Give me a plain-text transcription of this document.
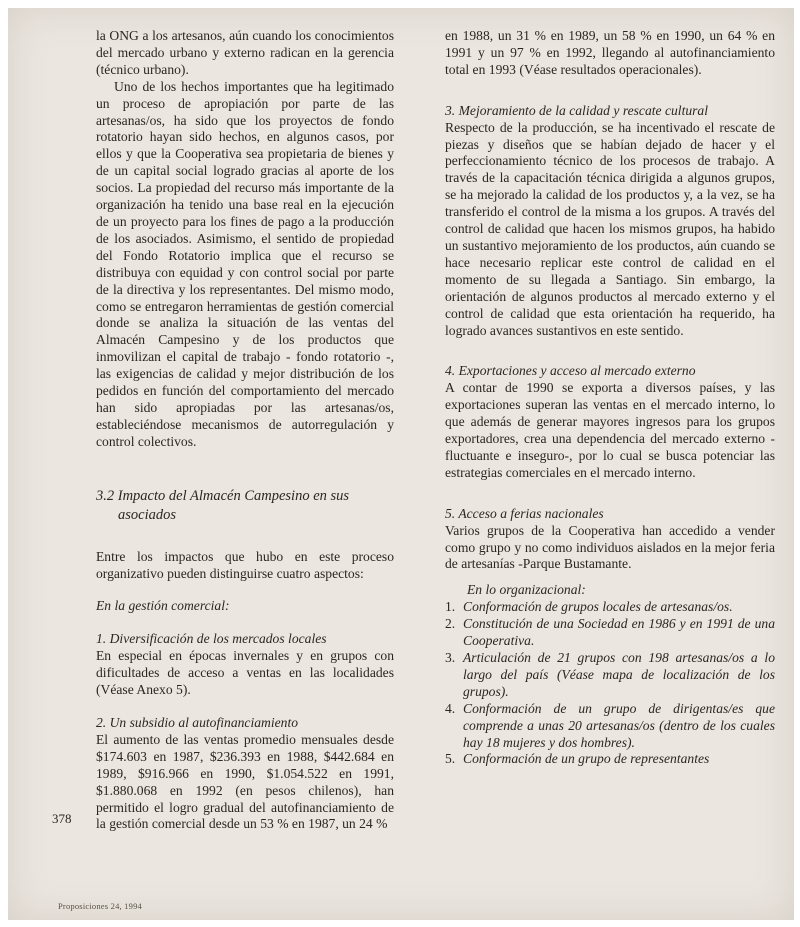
la ONG a los artesanos, aún cuando los conocimientos del mercado urbano y externo radican en la gerencia (técnico urbano).

Uno de los hechos importantes que ha legitimado un proceso de apropiación por parte de las artesanas/os, ha sido que los proyectos de fondo rotatorio hayan sido hechos, en algunos casos, por ellos y que la Cooperativa sea propietaria de bienes y de un capital social logrado gracias al aporte de los socios. La propiedad del recurso más importante de la organización ha tenido una base real en la ejecución de un proyecto para los fines de pago a la producción de los asociados. Asimismo, el sentido de propiedad del Fondo Rotatorio implica que el recurso se distribuya con equidad y con control social por parte de la directiva y los representantes. Del mismo modo, como se entregaron herramientas de gestión comercial donde se analiza la situación de las ventas del Almacén Campesino y de los productos que inmovilizan el capital de trabajo - fondo rotatorio -, las exigencias de calidad y mejor distribución de los pedidos en función del comportamiento del mercado han sido apropiadas por las artesanas/os, estableciéndose mecanismos de autorregulación y control colectivos.

3.2 Impacto del Almacén Campesino en sus
asociados

Entre los impactos que hubo en este proceso organizativo pueden distinguirse cuatro aspectos:

En la gestión comercial:

1. Diversificación de los mercados locales

En especial en épocas invernales y en grupos con dificultades de acceso a ventas en las localidades (Véase Anexo 5).

2. Un subsidio al autofinanciamiento

El aumento de las ventas promedio mensuales desde $174.603 en 1987, $236.393 en 1988, $442.684 en 1989, $916.966 en 1990, $1.054.522 en 1991, $1.880.068 en 1992 (en pesos chilenos), han permitido el logro gradual del autofinanciamiento de la gestión comercial desde un 53 % en 1987, un 24 %

en 1988, un 31 % en 1989, un 58 % en 1990, un 64 % en 1991 y un 97 % en 1992, llegando al autofinanciamiento total en 1993 (Véase resultados operacionales).

3. Mejoramiento de la calidad y rescate cultural

Respecto de la producción, se ha incentivado el rescate de piezas y diseños que se habían dejado de hacer y el perfeccionamiento técnico de los procesos de trabajo. A través de la capacitación técnica dirigida a algunos grupos, se ha mejorado la calidad de los productos y, a la vez, se ha transferido el control de la misma a los grupos. A través del control de calidad que hacen los mismos grupos, ha habido un sustantivo mejoramiento de los productos, aún cuando se hace necesario replicar este control de calidad en el momento de su llegada a Santiago. Sin embargo, la orientación de algunos productos al mercado externo y el control de calidad que esta orientación ha requerido, ha logrado avances sustantivos en este sentido.

4. Exportaciones y acceso al mercado externo

A contar de 1990 se exporta a diversos países, y las exportaciones superan las ventas en el mercado interno, lo que además de generar mayores ingresos para los grupos exportadores, crea una dependencia del mercado externo -fluctuante e inseguro-, por lo cual se busca potenciar las estrategias comerciales en el mercado interno.

5. Acceso a ferias nacionales

Varios grupos de la Cooperativa han accedido a vender como grupo y no como individuos aislados en la mejor feria de artesanías -Parque Bustamante.

En lo organizacional:

1. Conformación de grupos locales de artesanas/os.
2. Constitución de una Sociedad en 1986 y en 1991 de una Cooperativa.
3. Articulación de 21 grupos con 198 artesanas/os a lo largo del país (Véase mapa de localización de los grupos).
4. Conformación de un grupo de dirigentas/es que comprende a unas 20 artesanas/os (dentro de los cuales hay 18 mujeres y dos hombres).
5. Conformación de un grupo de representantes
378
Proposiciones 24, 1994
